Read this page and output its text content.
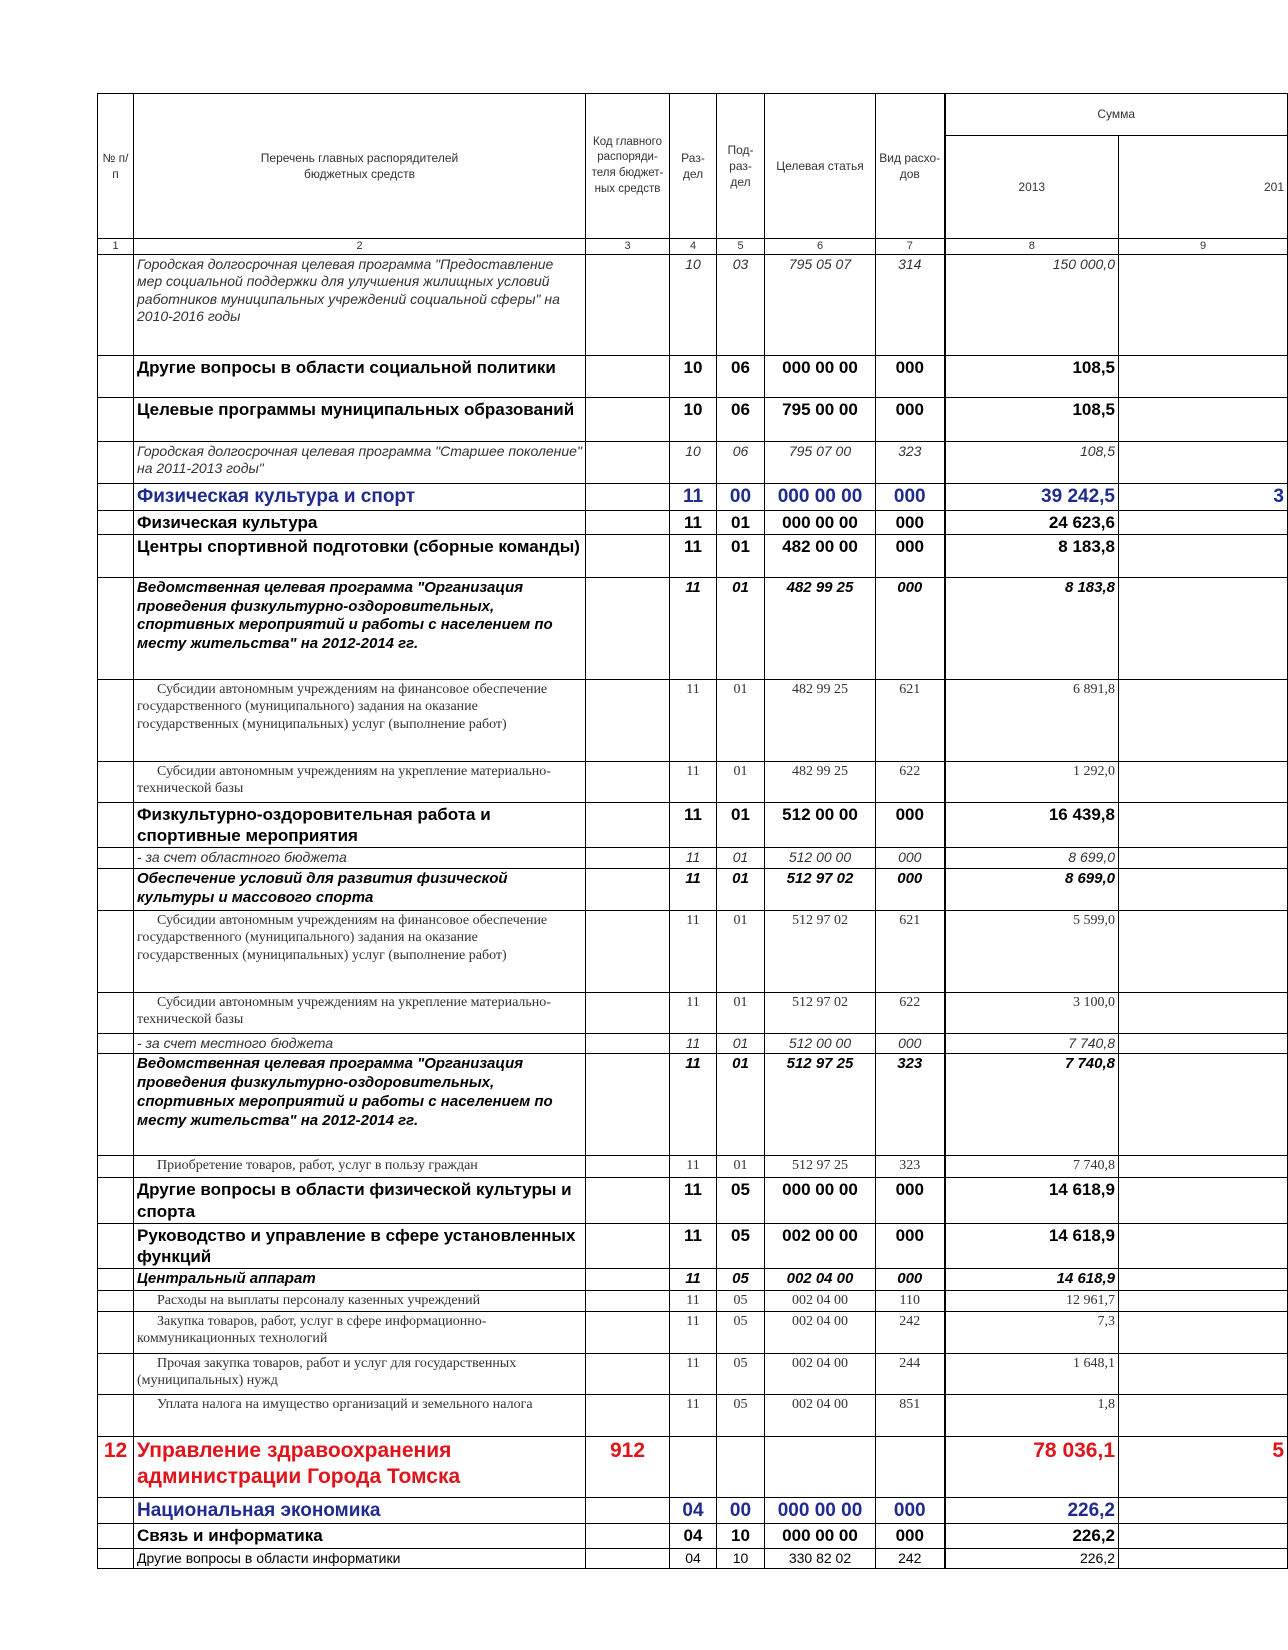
№ п/п	Перечень главных распорядителей бюджетных средств	Код главного распоряди-теля бюджет-ных средств	Раз-дел	Под-раз-дел	Целевая статья	Вид расхо-дов	Сумма	
							2013	201
1	2	3	4	5	6	7	8	9
	Городская долгосрочная целевая программа "Предоставление мер социальной поддержки для улучшения жилищных условий работников муниципальных учреждений социальной сферы" на 2010-2016 годы		10	03	795 05 07	314	150 000,0	
	Другие вопросы в области социальной политики		10	06	000 00 00	000	108,5	
	Целевые программы муниципальных образований		10	06	795 00 00	000	108,5	
	Городская долгосрочная целевая программа "Старшее поколение" на 2011-2013 годы"		10	06	795 07 00	323	108,5	
	Физическая культура и спорт		11	00	000 00 00	000	39 242,5	3
	Физическая культура		11	01	000 00 00	000	24 623,6	
	Центры спортивной подготовки (сборные команды)		11	01	482 00 00	000	8 183,8	
	Ведомственная целевая программа "Организация проведения физкультурно-оздоровительных, спортивных мероприятий и работы с населением по месту жительства" на 2012-2014 гг.		11	01	482 99 25	000	8 183,8	
	Субсидии автономным учреждениям на финансовое обеспечение государственного (муниципального) задания на оказание государственных (муниципальных) услуг (выполнение работ)		11	01	482 99 25	621	6 891,8	
	Субсидии автономным учреждениям на укрепление материально-технической базы		11	01	482 99 25	622	1 292,0	
	Физкультурно-оздоровительная работа и спортивные мероприятия		11	01	512 00 00	000	16 439,8	
	- за счет областного бюджета		11	01	512 00 00	000	8 699,0	
	Обеспечение условий для развития физической культуры и массового спорта		11	01	512 97 02	000	8 699,0	
	Субсидии автономным учреждениям на финансовое обеспечение государственного (муниципального) задания на оказание государственных (муниципальных) услуг (выполнение работ)		11	01	512 97 02	621	5 599,0	
	Субсидии автономным учреждениям на укрепление материально-технической базы		11	01	512 97 02	622	3 100,0	
	- за счет местного бюджета		11	01	512 00 00	000	7 740,8	
	Ведомственная целевая программа "Организация проведения физкультурно-оздоровительных, спортивных мероприятий и работы с населением по месту жительства" на 2012-2014 гг.		11	01	512 97 25	323	7 740,8	
	Приобретение товаров, работ, услуг в пользу граждан		11	01	512 97 25	323	7 740,8	
	Другие вопросы в области физической культуры и спорта		11	05	000 00 00	000	14 618,9	
	Руководство и управление в сфере установленных функций		11	05	002 00 00	000	14 618,9	
	Центральный аппарат		11	05	002 04 00	000	14 618,9	
	Расходы на выплаты персоналу казенных учреждений		11	05	002 04 00	110	12 961,7	
	Закупка товаров, работ, услуг в сфере информационно-коммуникационных технологий		11	05	002 04 00	242	7,3	
	Прочая закупка товаров, работ и услуг для государственных (муниципальных) нужд		11	05	002 04 00	244	1 648,1	
	Уплата налога на имущество организаций и земельного налога		11	05	002 04 00	851	1,8	
12	Управление здравоохранения администрации Города Томска	912					78 036,1	5
	Национальная экономика		04	00	000 00 00	000	226,2	
	Связь и информатика		04	10	000 00 00	000	226,2	
	Другие вопросы в области информатики		04	10	330 82 02	242	226,2	
